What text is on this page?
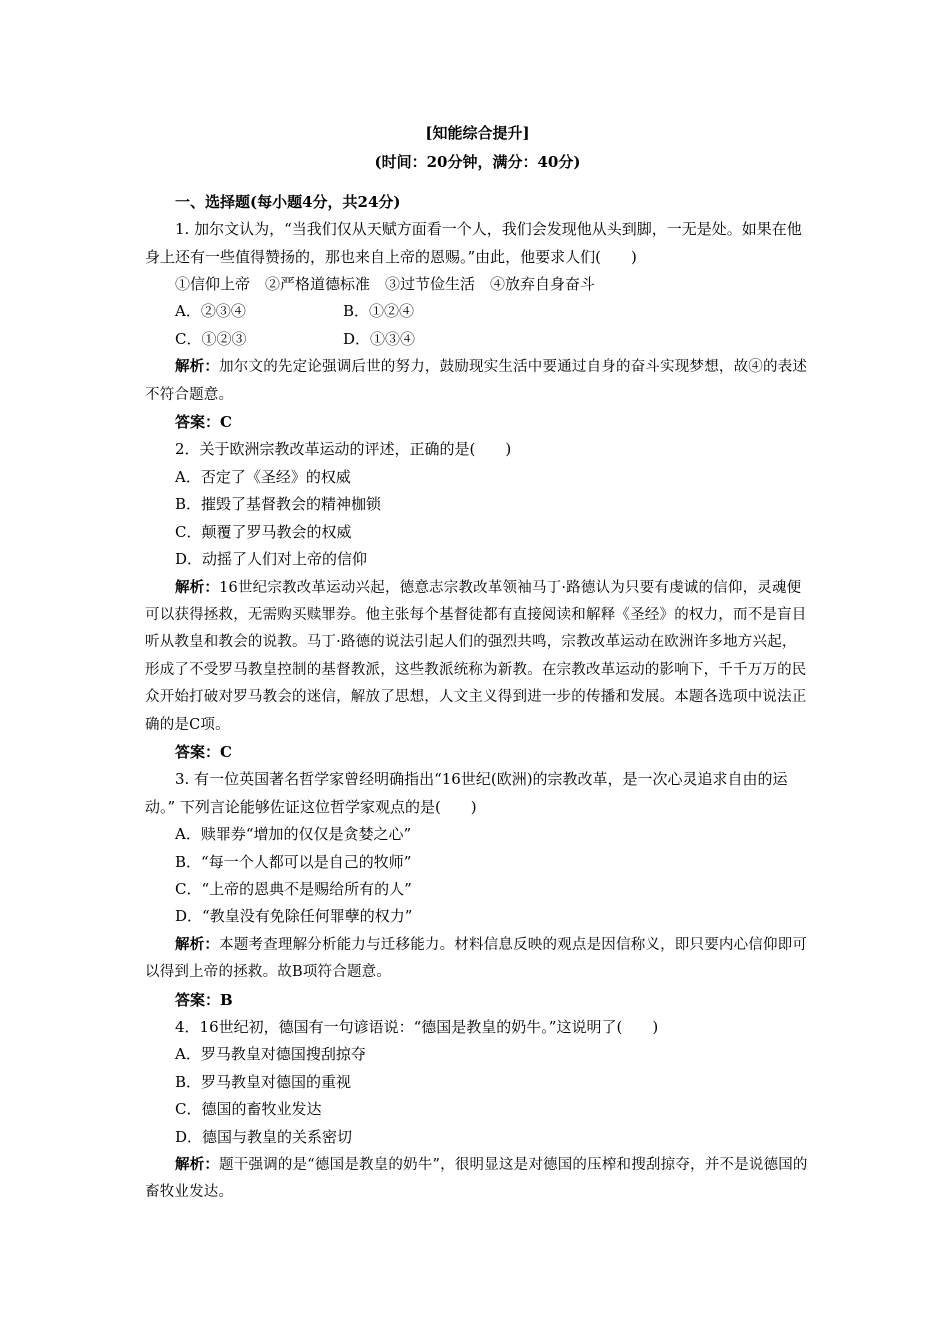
[知能综合提升]

(时间：20分钟，满分：40分)

一、选择题(每小题4分，共24分)

1. 加尔文认为，“当我们仅从天赋方面看一个人，我们会发现他从头到脚，一无是处。如果在他身上还有一些值得赞扬的，那也来自上帝的恩赐。”由此，他要求人们(　　)

①信仰上帝　②严格道德标准　③过节俭生活　④放弃自身奋斗

A．②③④	B．①②④
C．①②③	D．①③④

解析：加尔文的先定论强调后世的努力，鼓励现实生活中要通过自身的奋斗实现梦想，故④的表述不符合题意。

答案：C

2．关于欧洲宗教改革运动的评述，正确的是(　　)

A．否定了《圣经》的权威

B．摧毁了基督教会的精神枷锁

C．颠覆了罗马教会的权威

D．动摇了人们对上帝的信仰

解析：16世纪宗教改革运动兴起，德意志宗教改革领袖马丁·路德认为只要有虔诚的信仰，灵魂便可以获得拯救，无需购买赎罪券。他主张每个基督徒都有直接阅读和解释《圣经》的权力，而不是盲目听从教皇和教会的说教。马丁·路德的说法引起人们的强烈共鸣，宗教改革运动在欧洲许多地方兴起，形成了不受罗马教皇控制的基督教派，这些教派统称为新教。在宗教改革运动的影响下，千千万万的民众开始打破对罗马教会的迷信，解放了思想，人文主义得到进一步的传播和发展。本题各选项中说法正确的是C项。

答案：C

3. 有一位英国著名哲学家曾经明确指出“16世纪(欧洲)的宗教改革，是一次心灵追求自由的运动。” 下列言论能够佐证这位哲学家观点的是(　　)

A．赎罪券“增加的仅仅是贪婪之心”

B．“每一个人都可以是自己的牧师”

C．“上帝的恩典不是赐给所有的人”

D．“教皇没有免除任何罪孽的权力”

解析：本题考查理解分析能力与迁移能力。材料信息反映的观点是因信称义，即只要内心信仰即可以得到上帝的拯救。故B项符合题意。

答案：B

4．16世纪初，德国有一句谚语说：“德国是教皇的奶牛。”这说明了(　　)

A．罗马教皇对德国搜刮掠夺

B．罗马教皇对德国的重视

C．德国的畜牧业发达

D．德国与教皇的关系密切

解析：题干强调的是“德国是教皇的奶牛”，很明显这是对德国的压榨和搜刮掠夺，并不是说德国的畜牧业发达。
